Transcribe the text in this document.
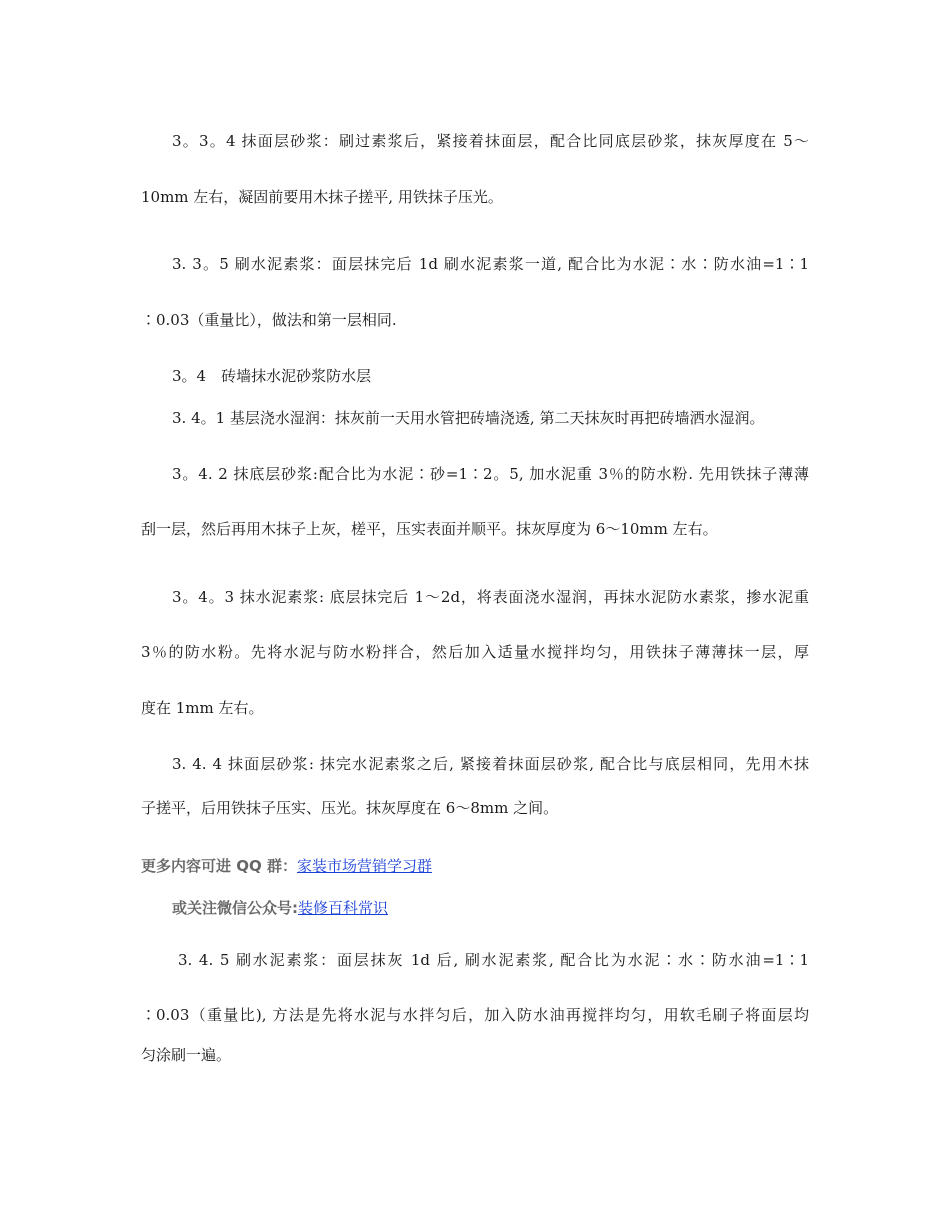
3。3。4 抹面层砂浆：刷过素浆后，紧接着抹面层，配合比同底层砂浆，抹灰厚度在 5～
10mm 左右，凝固前要用木抹子搓平, 用铁抹子压光。
3. 3。5 刷水泥素浆：面层抹完后 1d 刷水泥素浆一道, 配合比为水泥∶水∶防水油=1∶1
∶0.03（重量比），做法和第一层相同.
3。4　砖墙抹水泥砂浆防水层
3. 4。1 基层浇水湿润：抹灰前一天用水管把砖墙浇透, 第二天抹灰时再把砖墙洒水湿润。
3。4. 2 抹底层砂浆:配合比为水泥∶砂=1∶2。5, 加水泥重 3％的防水粉. 先用铁抹子薄薄
刮一层，然后再用木抹子上灰，槎平，压实表面并顺平。抹灰厚度为 6～10mm 左右。
3。4。3 抹水泥素浆: 底层抹完后 1～2d，将表面浇水湿润，再抹水泥防水素浆，掺水泥重
3％的防水粉。先将水泥与防水粉拌合，然后加入适量水搅拌均匀，用铁抹子薄薄抹一层，厚
度在 1mm 左右。
3. 4. 4 抹面层砂浆: 抹完水泥素浆之后, 紧接着抹面层砂浆, 配合比与底层相同，先用木抹
子搓平，后用铁抹子压实、压光。抹灰厚度在 6～8mm 之间。
更多内容可进 QQ 群：家装市场营销学习群
或关注微信公众号:装修百科常识
3. 4. 5 刷水泥素浆：面层抹灰 1d 后, 刷水泥素浆, 配合比为水泥∶水∶防水油=1∶1
∶0.03（重量比), 方法是先将水泥与水拌匀后，加入防水油再搅拌均匀，用软毛刷子将面层均
匀涂刷一遍。
